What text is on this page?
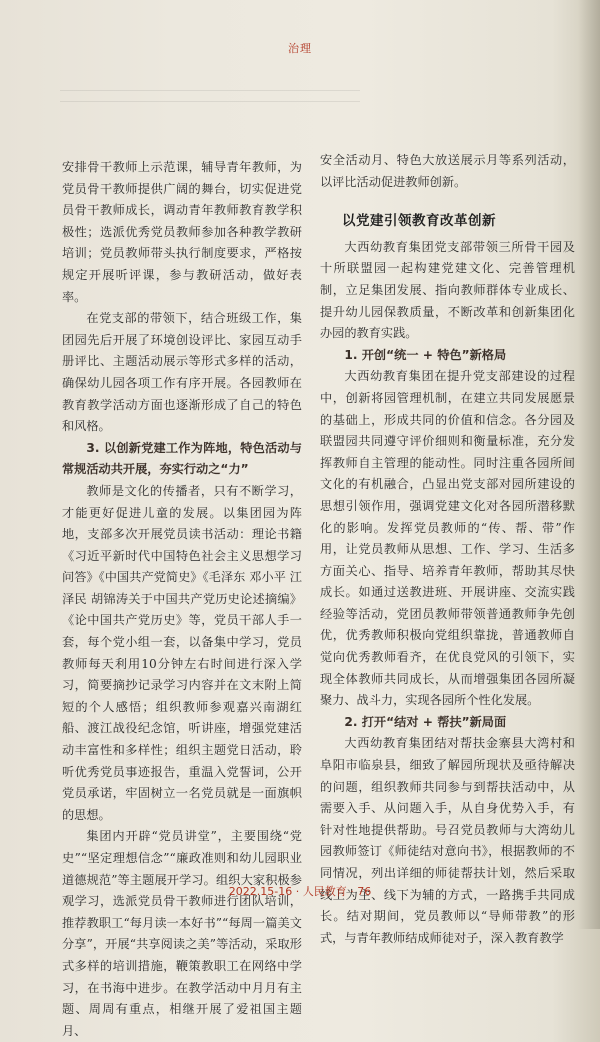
治理

安排骨干教师上示范课，辅导青年教师，为党员骨干教师提供广阔的舞台，切实促进党员骨干教师成长，调动青年教师教育教学积极性；选派优秀党员教师参加各种教学教研培训；党员教师带头执行制度要求，严格按规定开展听评课，参与教研活动，做好表率。

在党支部的带领下，结合班级工作，集团园先后开展了环境创设评比、家园互动手册评比、主题活动展示等形式多样的活动，确保幼儿园各项工作有序开展。各园教师在教育教学活动方面也逐渐形成了自己的特色和风格。

3. 以创新党建工作为阵地，特色活动与常规活动共开展，夯实行动之“力”

教师是文化的传播者，只有不断学习，才能更好促进儿童的发展。以集团园为阵地，支部多次开展党员读书活动：理论书籍《习近平新时代中国特色社会主义思想学习问答》《中国共产党简史》《毛泽东 邓小平 江泽民 胡锦涛关于中国共产党历史论述摘编》《论中国共产党历史》等，党员干部人手一套，每个党小组一套，以备集中学习，党员教师每天利用10分钟左右时间进行深入学习，简要摘抄记录学习内容并在文末附上简短的个人感悟；组织教师参观嘉兴南湖红船、渡江战役纪念馆，听讲座，增强党建活动丰富性和多样性；组织主题党日活动，聆听优秀党员事迹报告，重温入党誓词，公开党员承诺，牢固树立一名党员就是一面旗帜的思想。

集团内开辟“党员讲堂”，主要围绕“党史”“坚定理想信念”“廉政准则和幼儿园职业道德规范”等主题展开学习。组织大家积极参观学习，选派党员骨干教师进行团队培训，推荐教职工“每月读一本好书”“每周一篇美文分享”，开展“共享阅读之美”等活动，采取形式多样的培训措施，鞭策教职工在网络中学习，在书海中进步。在教学活动中月月有主题、周周有重点，相继开展了爱祖国主题月、

安全活动月、特色大放送展示月等系列活动，以评比活动促进教师创新。

以党建引领教育改革创新

大西幼教育集团党支部带领三所骨干园及十所联盟园一起构建党建文化、完善管理机制，立足集团发展、指向教师群体专业成长、提升幼儿园保教质量，不断改革和创新集团化办园的教育实践。

1. 开创“统一 + 特色”新格局

大西幼教育集团在提升党支部建设的过程中，创新将园管理机制，在建立共同发展愿景的基础上，形成共同的价值和信念。各分园及联盟园共同遵守评价细则和衡量标准，充分发挥教师自主管理的能动性。同时注重各园所间文化的有机融合，凸显出党支部对园所建设的思想引领作用，强调党建文化对各园所潜移默化的影响。发挥党员教师的“传、帮、带”作用，让党员教师从思想、工作、学习、生活多方面关心、指导、培养青年教师，帮助其尽快成长。如通过送教进班、开展讲座、交流实践经验等活动，党团员教师带领普通教师争先创优，优秀教师积极向党组织靠拢，普通教师自觉向优秀教师看齐，在优良党风的引领下，实现全体教师共同成长，从而增强集团各园所凝聚力、战斗力，实现各园所个性化发展。

2. 打开“结对 + 帮扶”新局面

大西幼教育集团结对帮扶金寨县大湾村和阜阳市临泉县，细致了解园所现状及亟待解决的问题，组织教师共同参与到帮扶活动中，从需要入手、从问题入手，从自身优势入手，有针对性地提供帮助。号召党员教师与大湾幼儿园教师签订《师徒结对意向书》，根据教师的不同情况，列出详细的师徒帮扶计划，然后采取线上为主、线下为辅的方式，一路携手共同成长。结对期间，党员教师以“导师带教”的形式，与青年教师结成师徒对子，深入教育教学

2022.15-16 · 人民教育 · 76
